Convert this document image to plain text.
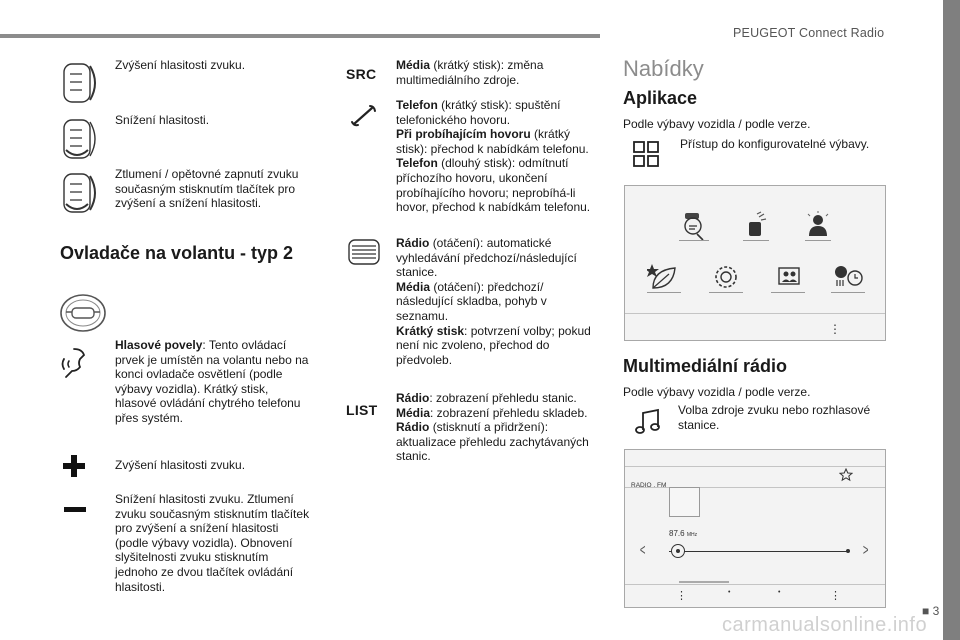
PEUGEOT Connect Radio
■ 3
Zvýšení hlasitosti zvuku.
Snížení hlasitosti.
Ztlumení / opětovné zapnutí zvuku současným stisknutím tlačítek pro zvýšení a snížení hlasitosti.
Ovladače na volantu - typ 2
Hlasové povely: Tento ovládací prvek je umístěn na volantu nebo na konci ovladače osvětlení (podle výbavy vozidla). Krátký stisk, hlasové ovládání chytrého telefonu přes systém.
Zvýšení hlasitosti zvuku.
Snížení hlasitosti zvuku. Ztlumení zvuku současným stisknutím tlačítek pro zvýšení a snížení hlasitosti (podle výbavy vozidla). Obnovení slyšitelnosti zvuku stisknutím jednoho ze dvou tlačítek ovládání hlasitosti.
SRC
Média (krátký stisk): změna multimediálního zdroje.
Telefon (krátký stisk): spuštění telefonického hovoru.
Při probíhajícím hovoru (krátký stisk): přechod k nabídkám telefonu.
Telefon (dlouhý stisk): odmítnutí příchozího hovoru, ukončení probíhajícího hovoru; neprobíhá-li hovor, přechod k nabídkám telefonu.
Rádio (otáčení): automatické vyhledávání předchozí/následující stanice.
Média (otáčení): předchozí/ následující skladba, pohyb v seznamu.
Krátký stisk: potvrzení volby; pokud není nic zvoleno, přechod do předvoleb.
LIST
Rádio: zobrazení přehledu stanic.
Média: zobrazení přehledu skladeb.
Rádio (stisknutí a přidržení): aktualizace přehledu zachytávaných stanic.
Nabídky
Aplikace
Podle výbavy vozidla / podle verze.
Přístup do konfigurovatelné výbavy.
⋮
Multimediální rádio
Podle výbavy vozidla / podle verze.
Volba zdroje zvuku nebo rozhlasové stanice.
RADIO . FM
87.6 MHz
<	>
⋮	•	•	⋮
carmanualsonline.info
